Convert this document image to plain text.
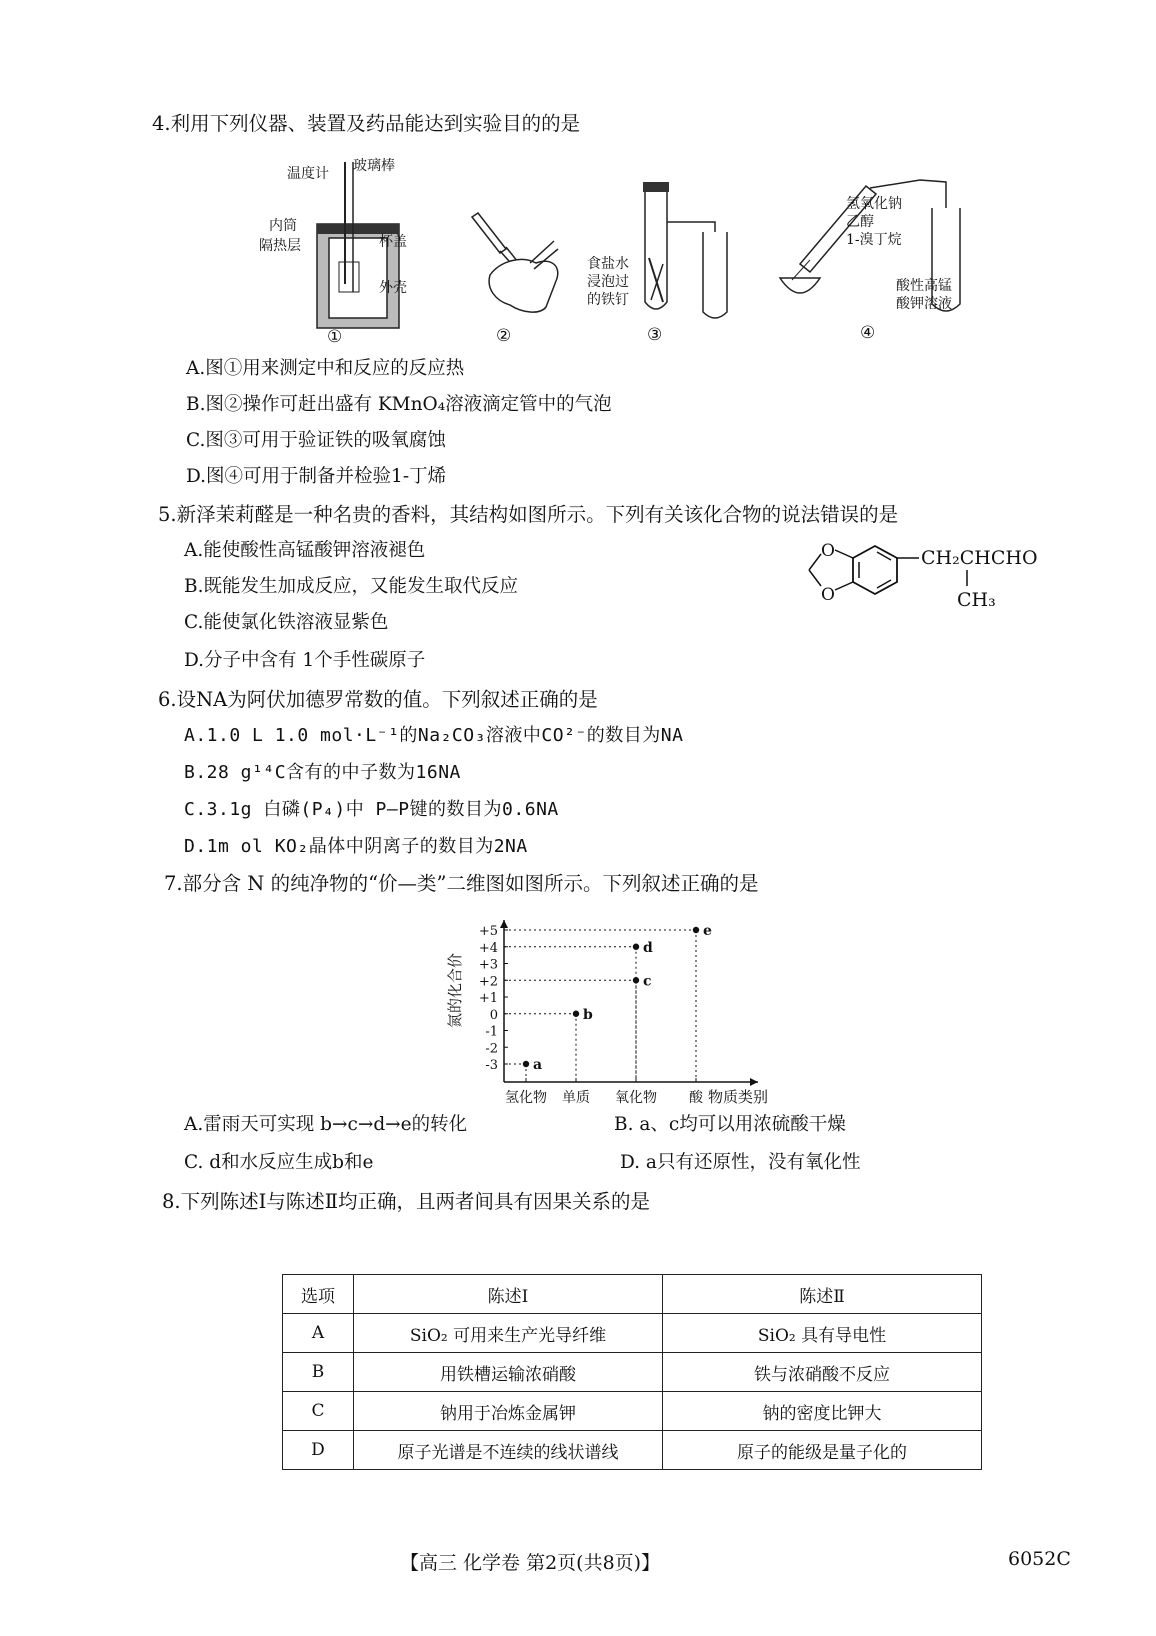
4.利用下列仪器、装置及药品能达到实验目的的是
温度计 玻璃棒
内筒
隔热层	杯盖
外壳
①	②
食盐水
浸泡过
的铁钉
③
氢氧化钠
乙醇
1-溴丁烷
酸性高锰
酸钾溶液
④
A.图①用来测定中和反应的反应热
B.图②操作可赶出盛有 KMnO₄溶液滴定管中的气泡
C.图③可用于验证铁的吸氧腐蚀
D.图④可用于制备并检验1-丁烯
5.新泽茉莉醛是一种名贵的香料，其结构如图所示。下列有关该化合物的说法错误的是
A.能使酸性高锰酸钾溶液褪色
B.既能发生加成反应，又能发生取代反应
C.能使氯化铁溶液显紫色
D.分子中含有 1个手性碳原子
O
O
CH₂CHCHO
CH₃
6.设NA为阿伏加德罗常数的值。下列叙述正确的是
A.1.0 L 1.0 mol·L⁻¹的Na₂CO₃溶液中CO²⁻的数目为NA
B.28 g¹⁴C含有的中子数为16NA
C.3.1g 白磷(P₄)中 P—P键的数目为0.6NA
D.1m ol KO₂晶体中阴离子的数目为2NA
7.部分含 N 的纯净物的“价—类”二维图如图所示。下列叙述正确的是
氮的化合价
物质类别
+5
+4
+3
+2
+1
0
-1
-2
-3
氢化物 单质 氧化物 酸
a
b
c
d
e
A.雷雨天可实现 b→c→d→e的转化	B. a、c均可以用浓硫酸干燥
C. d和水反应生成b和e	D. a只有还原性，没有氧化性
8.下列陈述Ⅰ与陈述Ⅱ均正确，且两者间具有因果关系的是
选项	陈述Ⅰ	陈述Ⅱ
A	SiO₂ 可用来生产光导纤维	SiO₂ 具有导电性
B	用铁槽运输浓硝酸	铁与浓硝酸不反应
C	钠用于冶炼金属钾	钠的密度比钾大
D	原子光谱是不连续的线状谱线	原子的能级是量子化的
【高三 化学卷 第2页(共8页)】	6052C
